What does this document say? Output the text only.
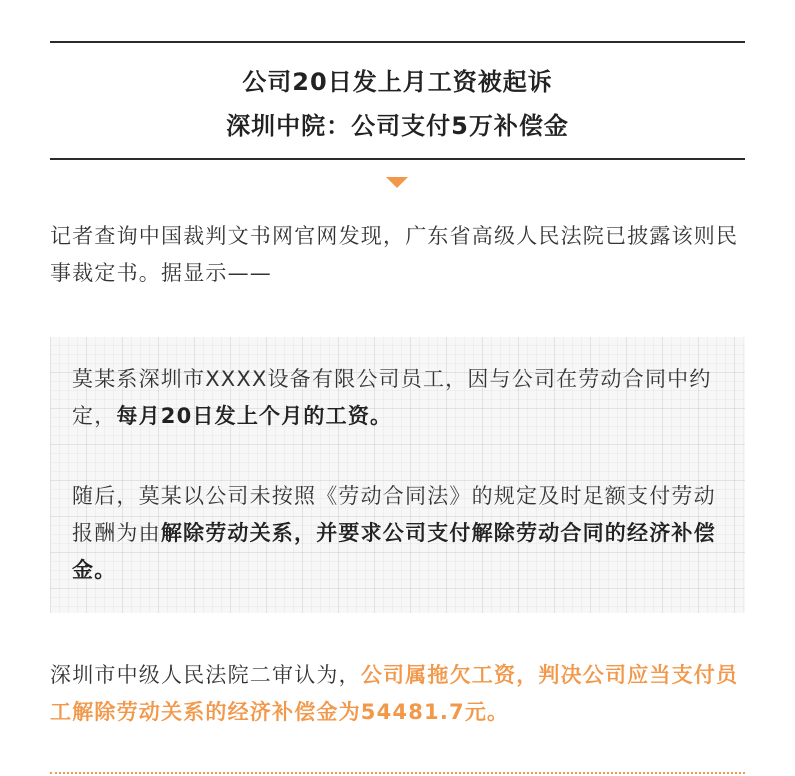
公司20日发上月工资被起诉
深圳中院：公司支付5万补偿金

记者查询中国裁判文书网官网发现，广东省高级人民法院已披露该则民事裁定书。据显示——

莫某系深圳市XXXX设备有限公司员工，因与公司在劳动合同中约定，每月20日发上个月的工资。

随后，莫某以公司未按照《劳动合同法》的规定及时足额支付劳动报酬为由解除劳动关系，并要求公司支付解除劳动合同的经济补偿金。

深圳市中级人民法院二审认为，公司属拖欠工资，判决公司应当支付员工解除劳动关系的经济补偿金为54481.7元。
